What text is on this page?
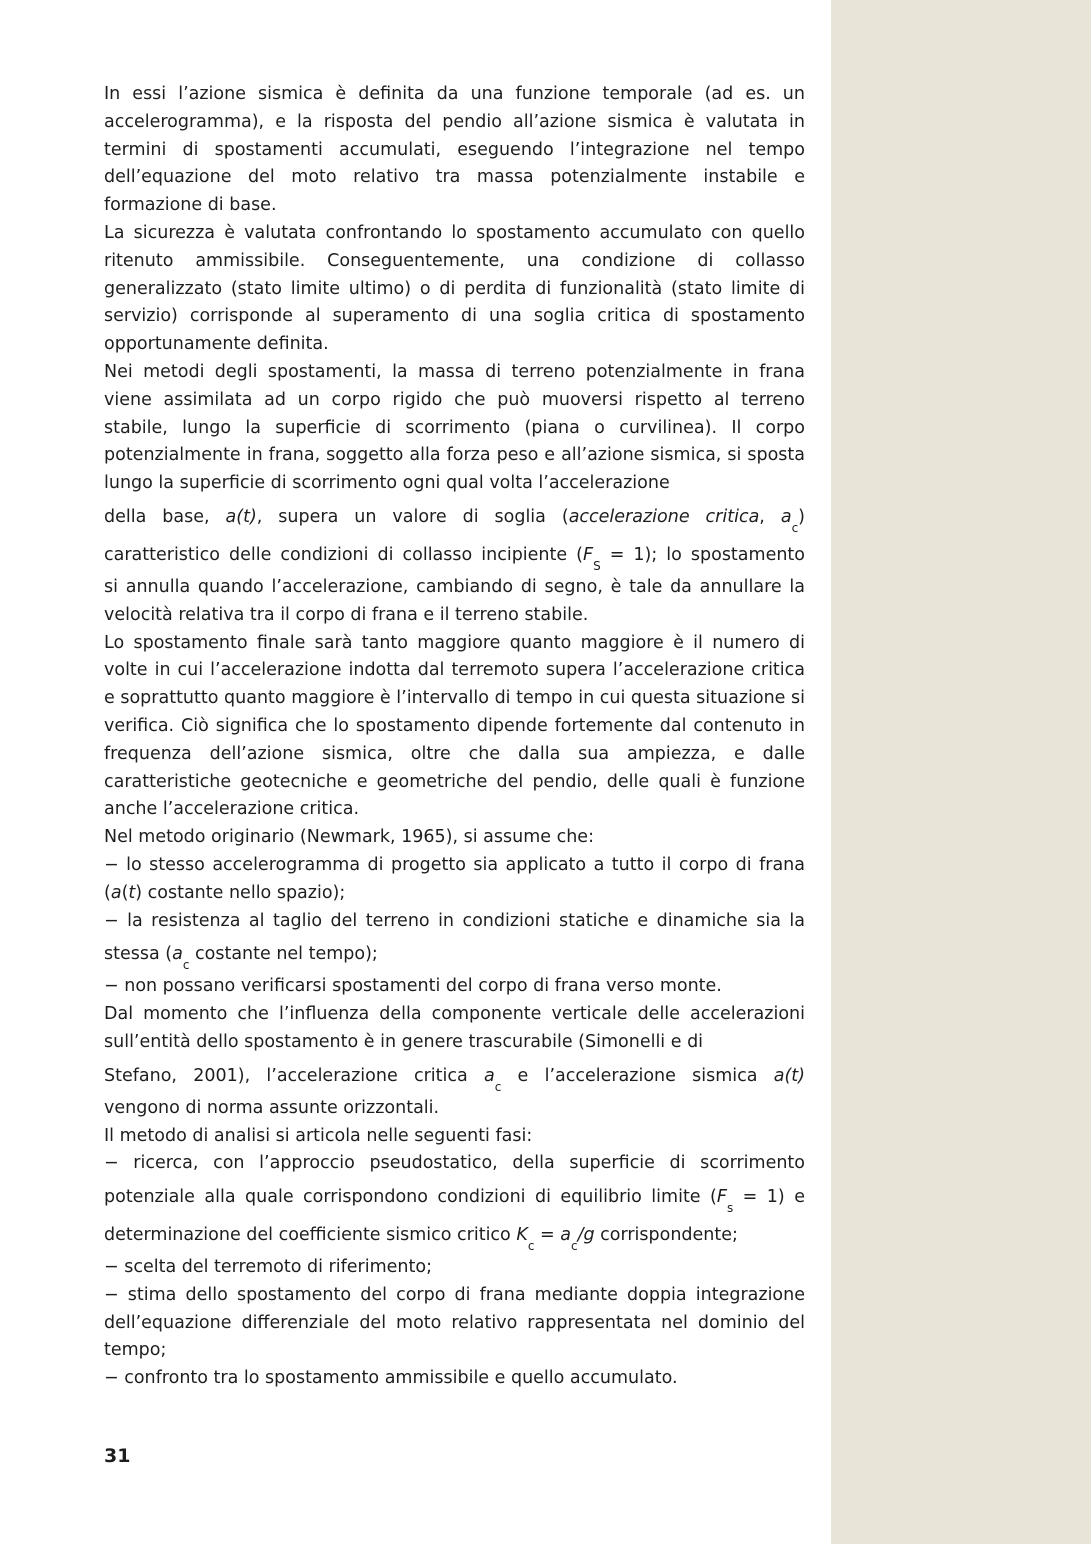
In essi l’azione sismica è definita da una funzione temporale (ad es. un accelerogramma), e la risposta del pendio all’azione sismica è valutata in termini di spostamenti accumulati, eseguendo l’integrazione nel tempo dell’equazione del moto relativo tra massa potenzialmente instabile e formazione di base.

La sicurezza è valutata confrontando lo spostamento accumulato con quello ritenuto ammissibile. Conseguentemente, una condizione di collasso generalizzato (stato limite ultimo) o di perdita di funzionalità (stato limite di servizio) corrisponde al superamento di una soglia critica di spostamento opportunamente definita.

Nei metodi degli spostamenti, la massa di terreno potenzialmente in frana viene assimilata ad un corpo rigido che può muoversi rispetto al terreno stabile, lungo la superficie di scorrimento (piana o curvilinea). Il corpo potenzialmente in frana, soggetto alla forza peso e all’azione sismica, si sposta lungo la superficie di scorrimento ogni qual volta l’accelerazione

della base, a(t), supera un valore di soglia (accelerazione critica, $a_c$)
caratteristico delle condizioni di collasso incipiente $(F_S = 1)$; lo spostamento

si annulla quando l’accelerazione, cambiando di segno, è tale da annullare la velocità relativa tra il corpo di frana e il terreno stabile.

Lo spostamento finale sarà tanto maggiore quanto maggiore è il numero di volte in cui l’accelerazione indotta dal terremoto supera l’accelerazione critica e soprattutto quanto maggiore è l’intervallo di tempo in cui questa situazione si verifica. Ciò significa che lo spostamento dipende fortemente dal contenuto in frequenza dell’azione sismica, oltre che dalla sua ampiezza, e dalle caratteristiche geotecniche e geometriche del pendio, delle quali è funzione anche l’accelerazione critica.

Nel metodo originario (Newmark, 1965), si assume che:

− lo stesso accelerogramma di progetto sia applicato a tutto il corpo di frana (a(t) costante nello spazio);

− la resistenza al taglio del terreno in condizioni statiche e dinamiche sia la
stessa ($a_c$ costante nel tempo);

− non possano verificarsi spostamenti del corpo di frana verso monte.

Dal momento che l’influenza della componente verticale delle accelerazioni sull’entità dello spostamento è in genere trascurabile (Simonelli e di

Stefano, 2001), l’accelerazione critica $a_c$ e l’accelerazione sismica a(t)
vengono di norma assunte orizzontali.

Il metodo di analisi si articola nelle seguenti fasi:

− ricerca, con l’approccio pseudostatico, della superficie di scorrimento
potenziale alla quale corrispondono condizioni di equilibrio limite $(F_s = 1)$ e
determinazione del coefficiente sismico critico $K_c = a_c/g$ corrispondente;

− scelta del terremoto di riferimento;

− stima dello spostamento del corpo di frana mediante doppia integrazione dell’equazione differenziale del moto relativo rappresentata nel dominio del tempo;

− confronto tra lo spostamento ammissibile e quello accumulato.

31
